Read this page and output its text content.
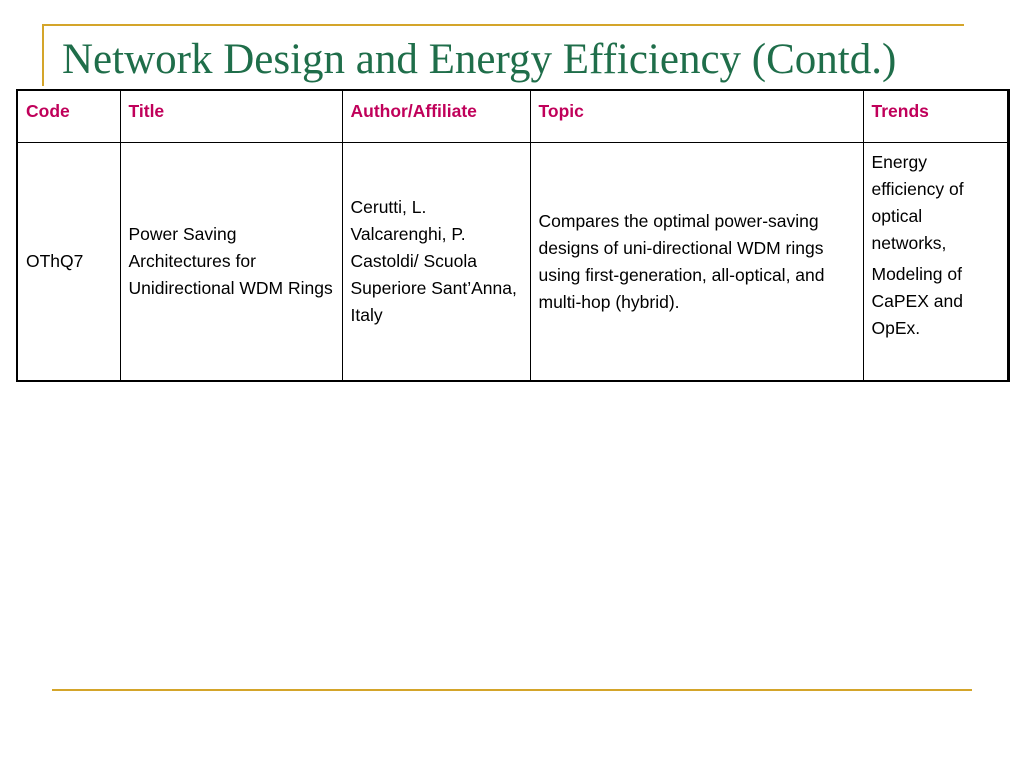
Network Design and Energy Efficiency (Contd.)
Code	Title	Author/Affiliate	Topic	Trends
OThQ7	Power Saving Architectures for Unidirectional WDM Rings	Cerutti, L. Valcarenghi, P. Castoldi/ Scuola Superiore Sant’Anna, Italy	Compares the optimal power-saving designs of uni-directional WDM rings using first-generation, all-optical, and multi-hop (hybrid).	Energy efficiency of optical networks,
Modeling of CaPEX and OpEx.
